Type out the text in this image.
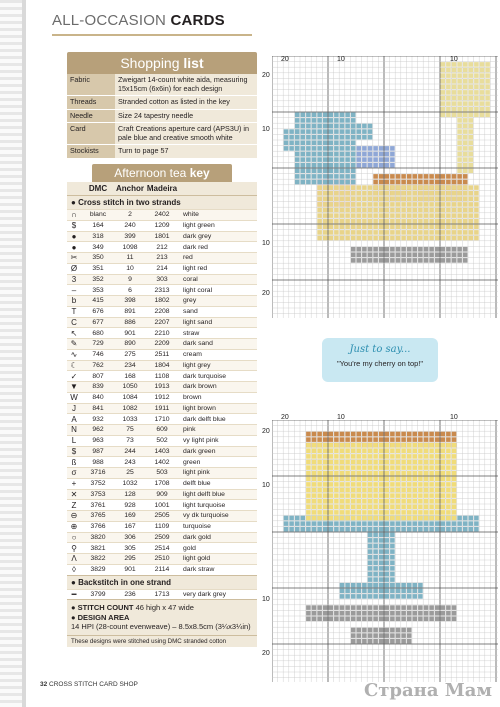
ALL-OCCASION CARDS
Shopping list
Fabric	Zweigart 14-count white aida, measuring 15x15cm (6x6in) for each design
Threads	Stranded cotton as listed in the key
Needle	Size 24 tapestry needle
Card	Craft Creations aperture card (APS3U) in pale blue and creative smooth white
Stockists	Turn to page 57
Afternoon tea key
DMC	Anchor Madeira
● Cross stitch in two strands
∩	blanc	2	2402	white
$	164	240	1209	light green
●	318	399	1801	dark grey
●	349	1098	212	dark red
✂	350	11	213	red
Ø	351	10	214	light red
3	352	9	303	coral
–	353	6	2313	light coral
b	415	398	1802	grey
T	676	891	2208	sand
C	677	886	2207	light sand
↖	680	901	2210	straw
✎	729	890	2209	dark sand
∿	746	275	2511	cream
☾	762	234	1804	light grey
✓	807	168	1108	dark turquoise
▼	839	1050	1913	dark brown
W	840	1084	1912	brown
J	841	1082	1911	light brown
A	932	1033	1710	dark delft blue
N	962	75	609	pink
L	963	73	502	vy light pink
$	987	244	1403	dark green
ß	988	243	1402	green
σ	3716	25	503	light pink
+	3752	1032	1708	delft blue
✕	3753	128	909	light delft blue
Z	3761	928	1001	light turquoise
⊖	3765	169	2505	vy dk turquoise
⊕	3766	167	1109	turquoise
○	3820	306	2509	dark gold
⚲	3821	305	2514	gold
Ʌ	3822	295	2510	light gold
◊	3829	901	2114	dark straw
● Backstitch in one strand
━	3799	236	1713	very dark grey
● STITCH COUNT 46 high x 47 wide
● DESIGN AREA
14 HPI (28-count evenweave) – 8.5x8.5cm (3¼x3¼in)
These designs were stitched using DMC stranded cotton
32 CROSS STITCH CARD SHOP
20	10	10
20
10
10
20
Just to say...
"You're my cherry on top!"
20	10	10
20
10
10
20
Страна Мам
